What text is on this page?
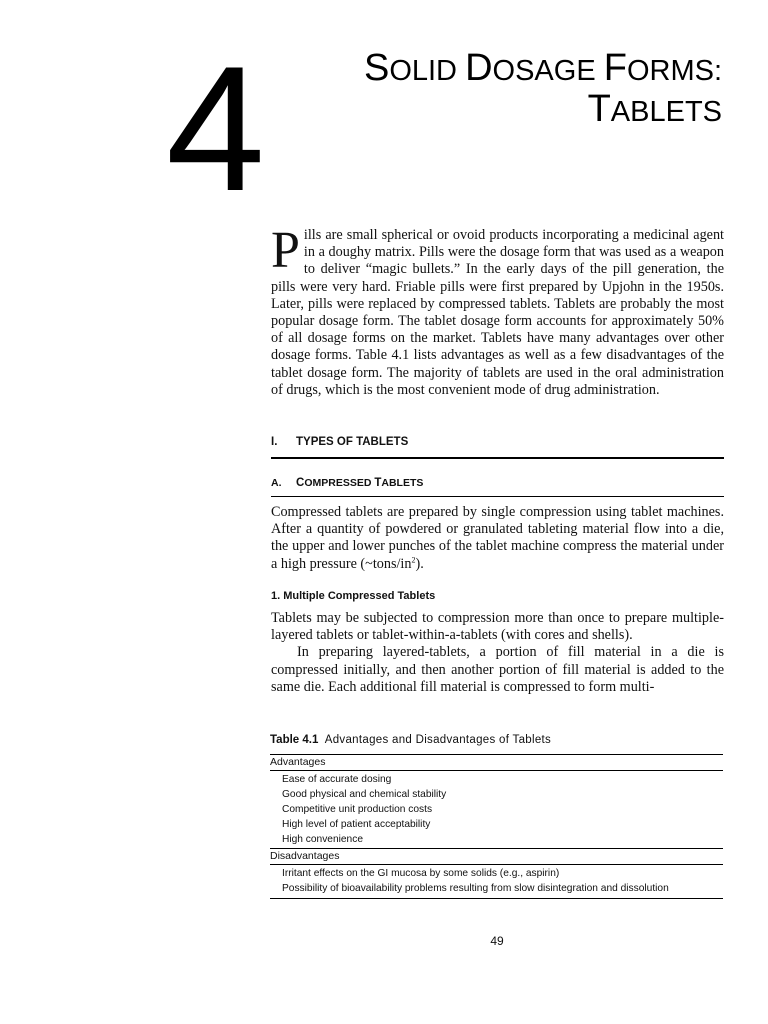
4	SOLID DOSAGE FORMS:
TABLETS

Pills are small spherical or ovoid products incorporating a medicinal agent in a doughy matrix. Pills were the dosage form that was used as a weapon to deliver “magic bullets.” In the early days of the pill generation, the pills were very hard. Friable pills were first prepared by Upjohn in the 1950s. Later, pills were replaced by compressed tablets. Tablets are probably the most popular dosage form. The tablet dosage form accounts for approximately 50% of all dosage forms on the market. Tablets have many advantages over other dosage forms. Table 4.1 lists advantages as well as a few disadvantages of the tablet dosage form. The majority of tablets are used in the oral administration of drugs, which is the most convenient mode of drug administration.

I. TYPES OF TABLETS
A. COMPRESSED TABLETS

Compressed tablets are prepared by single compression using tablet machines. After a quantity of powdered or granulated tableting material flow into a die, the upper and lower punches of the tablet machine compress the material under a high pressure $(\sim tons/in^2)$.

1. Multiple Compressed Tablets

Tablets may be subjected to compression more than once to prepare multiple-layered tablets or tablet-within-a-tablets (with cores and shells).

In preparing layered-tablets, a portion of fill material in a die is compressed initially, and then another portion of fill material is added to the same die. Each additional fill material is compressed to form multi-

Table 4.1 Advantages and Disadvantages of Tablets
Advantages
Ease of accurate dosing
Good physical and chemical stability
Competitive unit production costs
High level of patient acceptability
High convenience
Disadvantages
Irritant effects on the GI mucosa by some solids (e.g., aspirin)
Possibility of bioavailability problems resulting from slow disintegration and dissolution
49
